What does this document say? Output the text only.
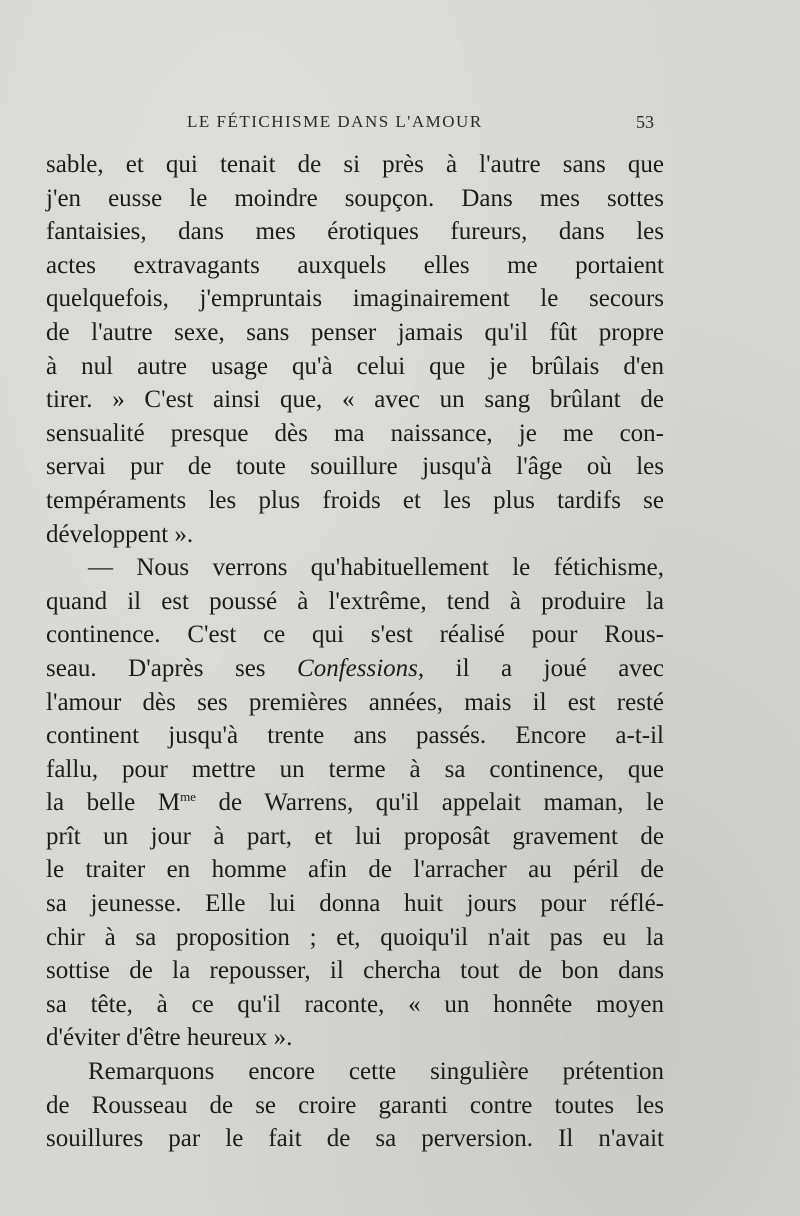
LE FÉTICHISME DANS L'AMOUR	53
sable, et qui tenait de si près à l'autre sans que
j'en eusse le moindre soupçon. Dans mes sottes
fantaisies, dans mes érotiques fureurs, dans les
actes extravagants auxquels elles me portaient
quelquefois, j'empruntais imaginairement le secours
de l'autre sexe, sans penser jamais qu'il fût propre
à nul autre usage qu'à celui que je brûlais d'en
tirer. » C'est ainsi que, « avec un sang brûlant de
sensualité presque dès ma naissance, je me con-
servai pur de toute souillure jusqu'à l'âge où les
tempéraments les plus froids et les plus tardifs se
développent ».
— Nous verrons qu'habituellement le fétichisme,
quand il est poussé à l'extrême, tend à produire la
continence. C'est ce qui s'est réalisé pour Rous-
seau. D'après ses Confessions, il a joué avec
l'amour dès ses premières années, mais il est resté
continent jusqu'à trente ans passés. Encore a-t-il
fallu, pour mettre un terme à sa continence, que
la belle $M^{me}$ de Warrens, qu'il appelait maman, le
prît un jour à part, et lui proposât gravement de
le traiter en homme afin de l'arracher au péril de
sa jeunesse. Elle lui donna huit jours pour réflé-
chir à sa proposition ; et, quoiqu'il n'ait pas eu la
sottise de la repousser, il chercha tout de bon dans
sa tête, à ce qu'il raconte, « un honnête moyen
d'éviter d'être heureux ».
Remarquons encore cette singulière prétention
de Rousseau de se croire garanti contre toutes les
souillures par le fait de sa perversion. Il n'avait
